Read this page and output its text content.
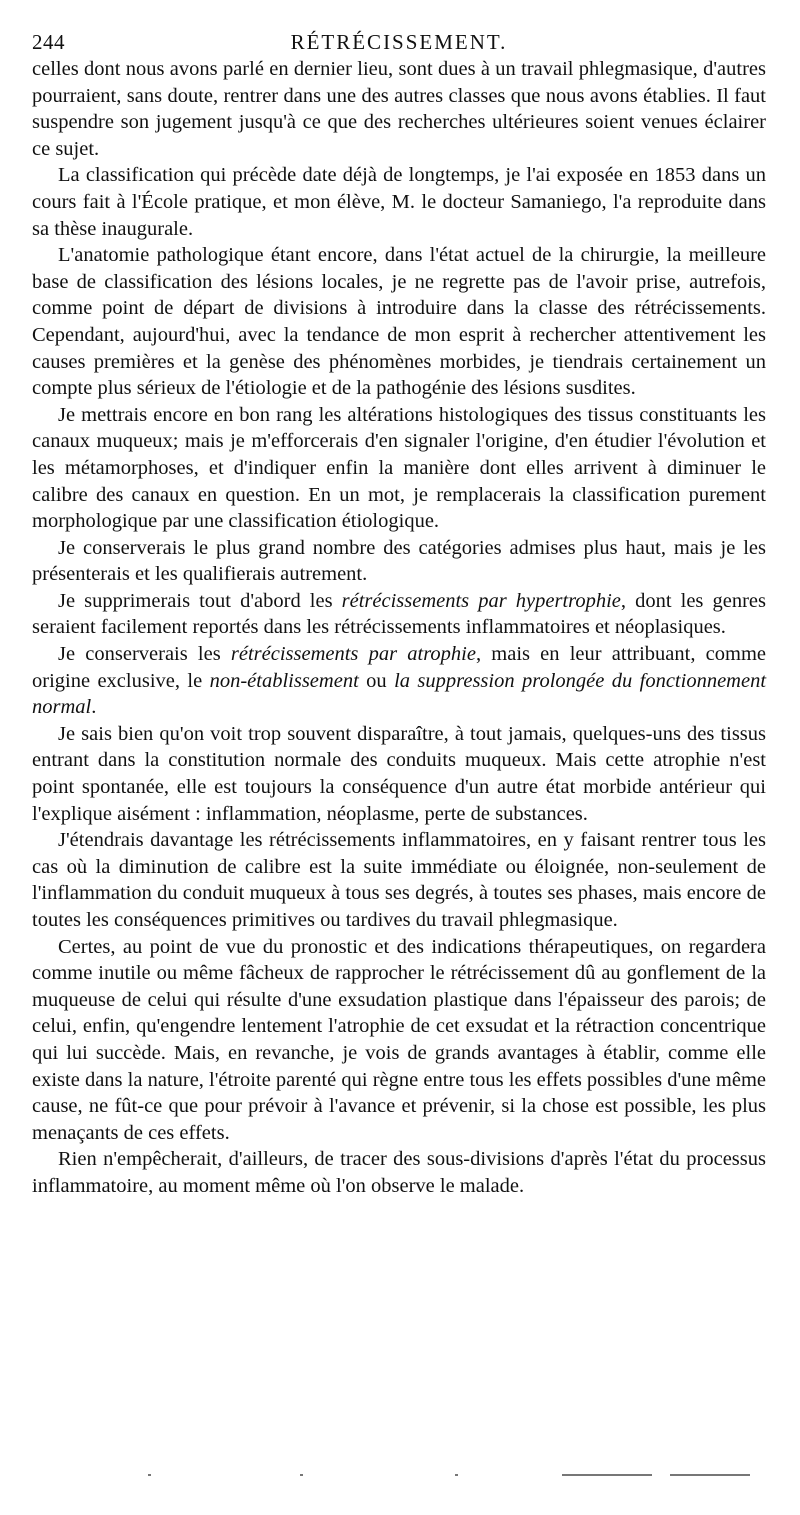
244	RÉTRÉCISSEMENT.

celles dont nous avons parlé en dernier lieu, sont dues à un travail phlegmasique, d'autres pourraient, sans doute, rentrer dans une des autres classes que nous avons établies. Il faut suspendre son jugement jusqu'à ce que des recherches ultérieures soient venues éclairer ce sujet.

La classification qui précède date déjà de longtemps, je l'ai exposée en 1853 dans un cours fait à l'École pratique, et mon élève, M. le docteur Samaniego, l'a reproduite dans sa thèse inaugurale.

L'anatomie pathologique étant encore, dans l'état actuel de la chirurgie, la meilleure base de classification des lésions locales, je ne regrette pas de l'avoir prise, autrefois, comme point de départ de divisions à introduire dans la classe des rétrécissements. Cependant, aujourd'hui, avec la tendance de mon esprit à rechercher attentivement les causes premières et la genèse des phénomènes morbides, je tiendrais certainement un compte plus sérieux de l'étiologie et de la pathogénie des lésions susdites.

Je mettrais encore en bon rang les altérations histologiques des tissus constituants les canaux muqueux; mais je m'efforcerais d'en signaler l'origine, d'en étudier l'évolution et les métamorphoses, et d'indiquer enfin la manière dont elles arrivent à diminuer le calibre des canaux en question. En un mot, je remplacerais la classification purement morphologique par une classification étiologique.

Je conserverais le plus grand nombre des catégories admises plus haut, mais je les présenterais et les qualifierais autrement.

Je supprimerais tout d'abord les rétrécissements par hypertrophie, dont les genres seraient facilement reportés dans les rétrécissements inflammatoires et néoplasiques.

Je conserverais les rétrécissements par atrophie, mais en leur attribuant, comme origine exclusive, le non-établissement ou la suppression prolongée du fonctionnement normal.

Je sais bien qu'on voit trop souvent disparaître, à tout jamais, quelques-uns des tissus entrant dans la constitution normale des conduits muqueux. Mais cette atrophie n'est point spontanée, elle est toujours la conséquence d'un autre état morbide antérieur qui l'explique aisément : inflammation, néoplasme, perte de substances.

J'étendrais davantage les rétrécissements inflammatoires, en y faisant rentrer tous les cas où la diminution de calibre est la suite immédiate ou éloignée, non-seulement de l'inflammation du conduit muqueux à tous ses degrés, à toutes ses phases, mais encore de toutes les conséquences primitives ou tardives du travail phlegmasique.

Certes, au point de vue du pronostic et des indications thérapeutiques, on regardera comme inutile ou même fâcheux de rapprocher le rétrécissement dû au gonflement de la muqueuse de celui qui résulte d'une exsudation plastique dans l'épaisseur des parois; de celui, enfin, qu'engendre lentement l'atrophie de cet exsudat et la rétraction concentrique qui lui succède. Mais, en revanche, je vois de grands avantages à établir, comme elle existe dans la nature, l'étroite parenté qui règne entre tous les effets possibles d'une même cause, ne fût-ce que pour prévoir à l'avance et prévenir, si la chose est possible, les plus menaçants de ces effets.

Rien n'empêcherait, d'ailleurs, de tracer des sous-divisions d'après l'état du processus inflammatoire, au moment même où l'on observe le malade.
